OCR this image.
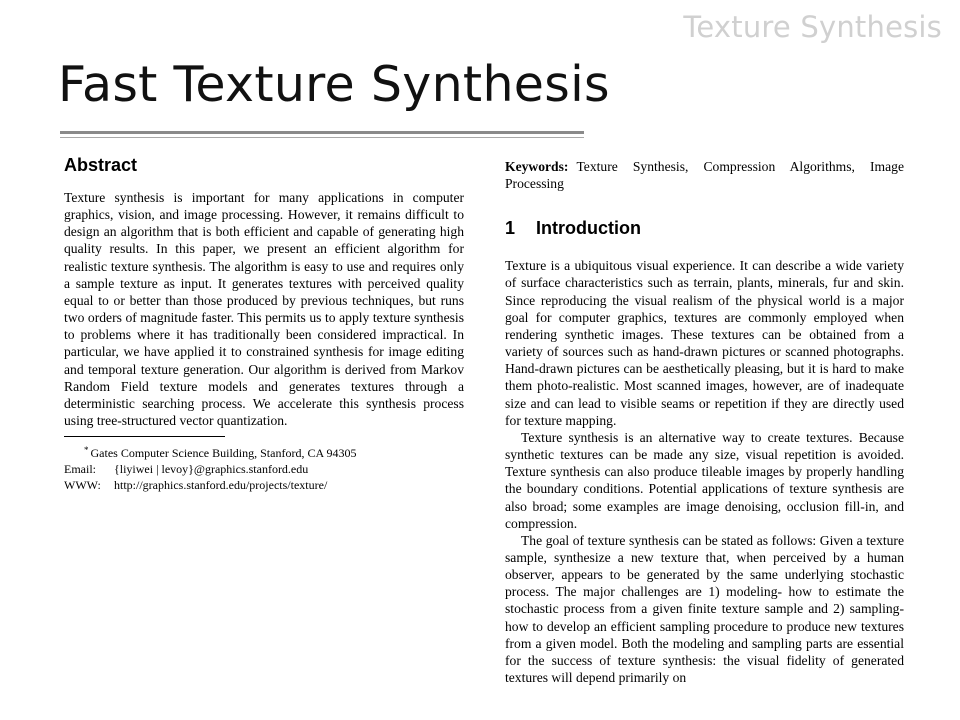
Texture Synthesis
Fast Texture Synthesis
Abstract

Texture synthesis is important for many applications in computer graphics, vision, and image processing. However, it remains difficult to design an algorithm that is both efficient and capable of generating high quality results. In this paper, we present an efficient algorithm for realistic texture synthesis. The algorithm is easy to use and requires only a sample texture as input. It generates textures with perceived quality equal to or better than those produced by previous techniques, but runs two orders of magnitude faster. This permits us to apply texture synthesis to problems where it has traditionally been considered impractical. In particular, we have applied it to constrained synthesis for image editing and temporal texture generation. Our algorithm is derived from Markov Random Field texture models and generates textures through a deterministic searching process. We accelerate this synthesis process using tree-structured vector quantization.

* Gates Computer Science Building, Stanford, CA 94305
Email: {liyiwei | levoy}@graphics.stanford.edu
WWW: http://graphics.stanford.edu/projects/texture/

Keywords: Texture Synthesis, Compression Algorithms, Image Processing

1 Introduction

Texture is a ubiquitous visual experience. It can describe a wide variety of surface characteristics such as terrain, plants, minerals, fur and skin. Since reproducing the visual realism of the physical world is a major goal for computer graphics, textures are commonly employed when rendering synthetic images. These textures can be obtained from a variety of sources such as hand-drawn pictures or scanned photographs. Hand-drawn pictures can be aesthetically pleasing, but it is hard to make them photo-realistic. Most scanned images, however, are of inadequate size and can lead to visible seams or repetition if they are directly used for texture mapping.

Texture synthesis is an alternative way to create textures. Because synthetic textures can be made any size, visual repetition is avoided. Texture synthesis can also produce tileable images by properly handling the boundary conditions. Potential applications of texture synthesis are also broad; some examples are image denoising, occlusion fill-in, and compression.

The goal of texture synthesis can be stated as follows: Given a texture sample, synthesize a new texture that, when perceived by a human observer, appears to be generated by the same underlying stochastic process. The major challenges are 1) modeling- how to estimate the stochastic process from a given finite texture sample and 2) sampling- how to develop an efficient sampling procedure to produce new textures from a given model. Both the modeling and sampling parts are essential for the success of texture synthesis: the visual fidelity of generated textures will depend primarily on
